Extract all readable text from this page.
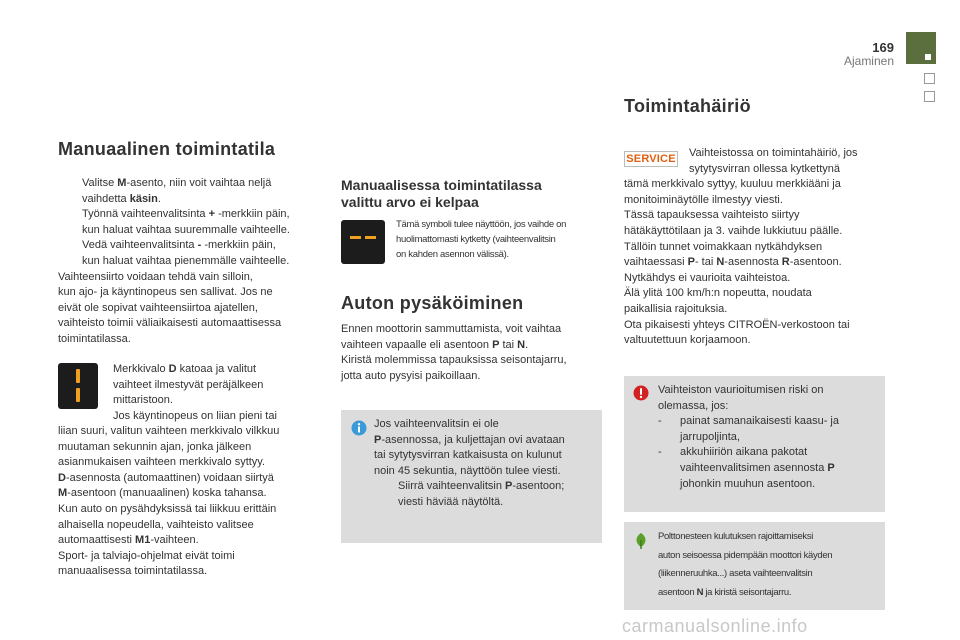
169
Ajaminen
Manuaalinen toimintatila
Valitse M-asento, niin voit vaihtaa neljä
vaihdetta käsin.
Työnnä vaihteenvalitsinta + -merkkiin päin,
kun haluat vaihtaa suuremmalle vaihteelle.
Vedä vaihteenvalitsinta - -merkkiin päin,
kun haluat vaihtaa pienemmälle vaihteelle.
Vaihteensiirto voidaan tehdä vain silloin,
kun ajo- ja käyntinopeus sen sallivat. Jos ne
eivät ole sopivat vaihteensiirtoa ajatellen,
vaihteisto toimii väliaikaisesti automaattisessa
toimintatilassa.
Merkkivalo D katoaa ja valitut
vaihteet ilmestyvät peräjälkeen
mittaristoon.
Jos käyntinopeus on liian pieni tai
liian suuri, valitun vaihteen merkkivalo vilkkuu
muutaman sekunnin ajan, jonka jälkeen
asianmukaisen vaihteen merkkivalo syttyy.
D-asennosta (automaattinen) voidaan siirtyä
M-asentoon (manuaalinen) koska tahansa.
Kun auto on pysähdyksissä tai liikkuu erittäin
alhaisella nopeudella, vaihteisto valitsee
automaattisesti M1-vaihteen.
Sport- ja talviajo-ohjelmat eivät toimi
manuaalisessa toimintatilassa.
Manuaalisessa toimintatilassa
valittu arvo ei kelpaa
Tämä symboli tulee näyttöön, jos vaihde on
huolimattomasti kytketty (vaihteenvalitsin
on kahden asennon välissä).
Auton pysäköiminen
Ennen moottorin sammuttamista, voit vaihtaa
vaihteen vapaalle eli asentoon P tai N.
Kiristä molemmissa tapauksissa seisontajarru,
jotta auto pysyisi paikoillaan.
Jos vaihteenvalitsin ei ole
P-asennossa, ja kuljettajan ovi avataan
tai sytytysvirran katkaisusta on kulunut
noin 45 sekuntia, näyttöön tulee viesti.
Siirrä vaihteenvalitsin P-asentoon;
viesti häviää näytöltä.
Toimintahäiriö
SERVICE	Vaihteistossa on toimintahäiriö, jos
sytytysvirran ollessa kytkettynä
tämä merkkivalo syttyy, kuuluu merkkiääni ja
monitoiminäytölle ilmestyy viesti.
Tässä tapauksessa vaihteisto siirtyy
hätäkäyttötilaan ja 3. vaihde lukkiutuu päälle.
Tällöin tunnet voimakkaan nytkähdyksen
vaihtaessasi P- tai N-asennosta R-asentoon.
Nytkähdys ei vaurioita vaihteistoa.
Älä ylitä 100 km/h:n nopeutta, noudata
paikallisia rajoituksia.
Ota pikaisesti yhteys CITROËN-verkostoon tai
valtuutettuun korjaamoon.
Vaihteiston vaurioitumisen riski on
olemassa, jos:
- painat samanaikaisesti kaasu- ja
jarrupoljinta,
- akkuhiiriön aikana pakotat
vaihteenvalitsimen asennosta P
johonkin muuhun asentoon.
Polttonesteen kulutuksen rajoittamiseksi
auton seisoessa pidempään moottori käyden
(liikenneruuhka...) aseta vaihteenvalitsin
asentoon N ja kiristä seisontajarru.
carmanualsonline.info
